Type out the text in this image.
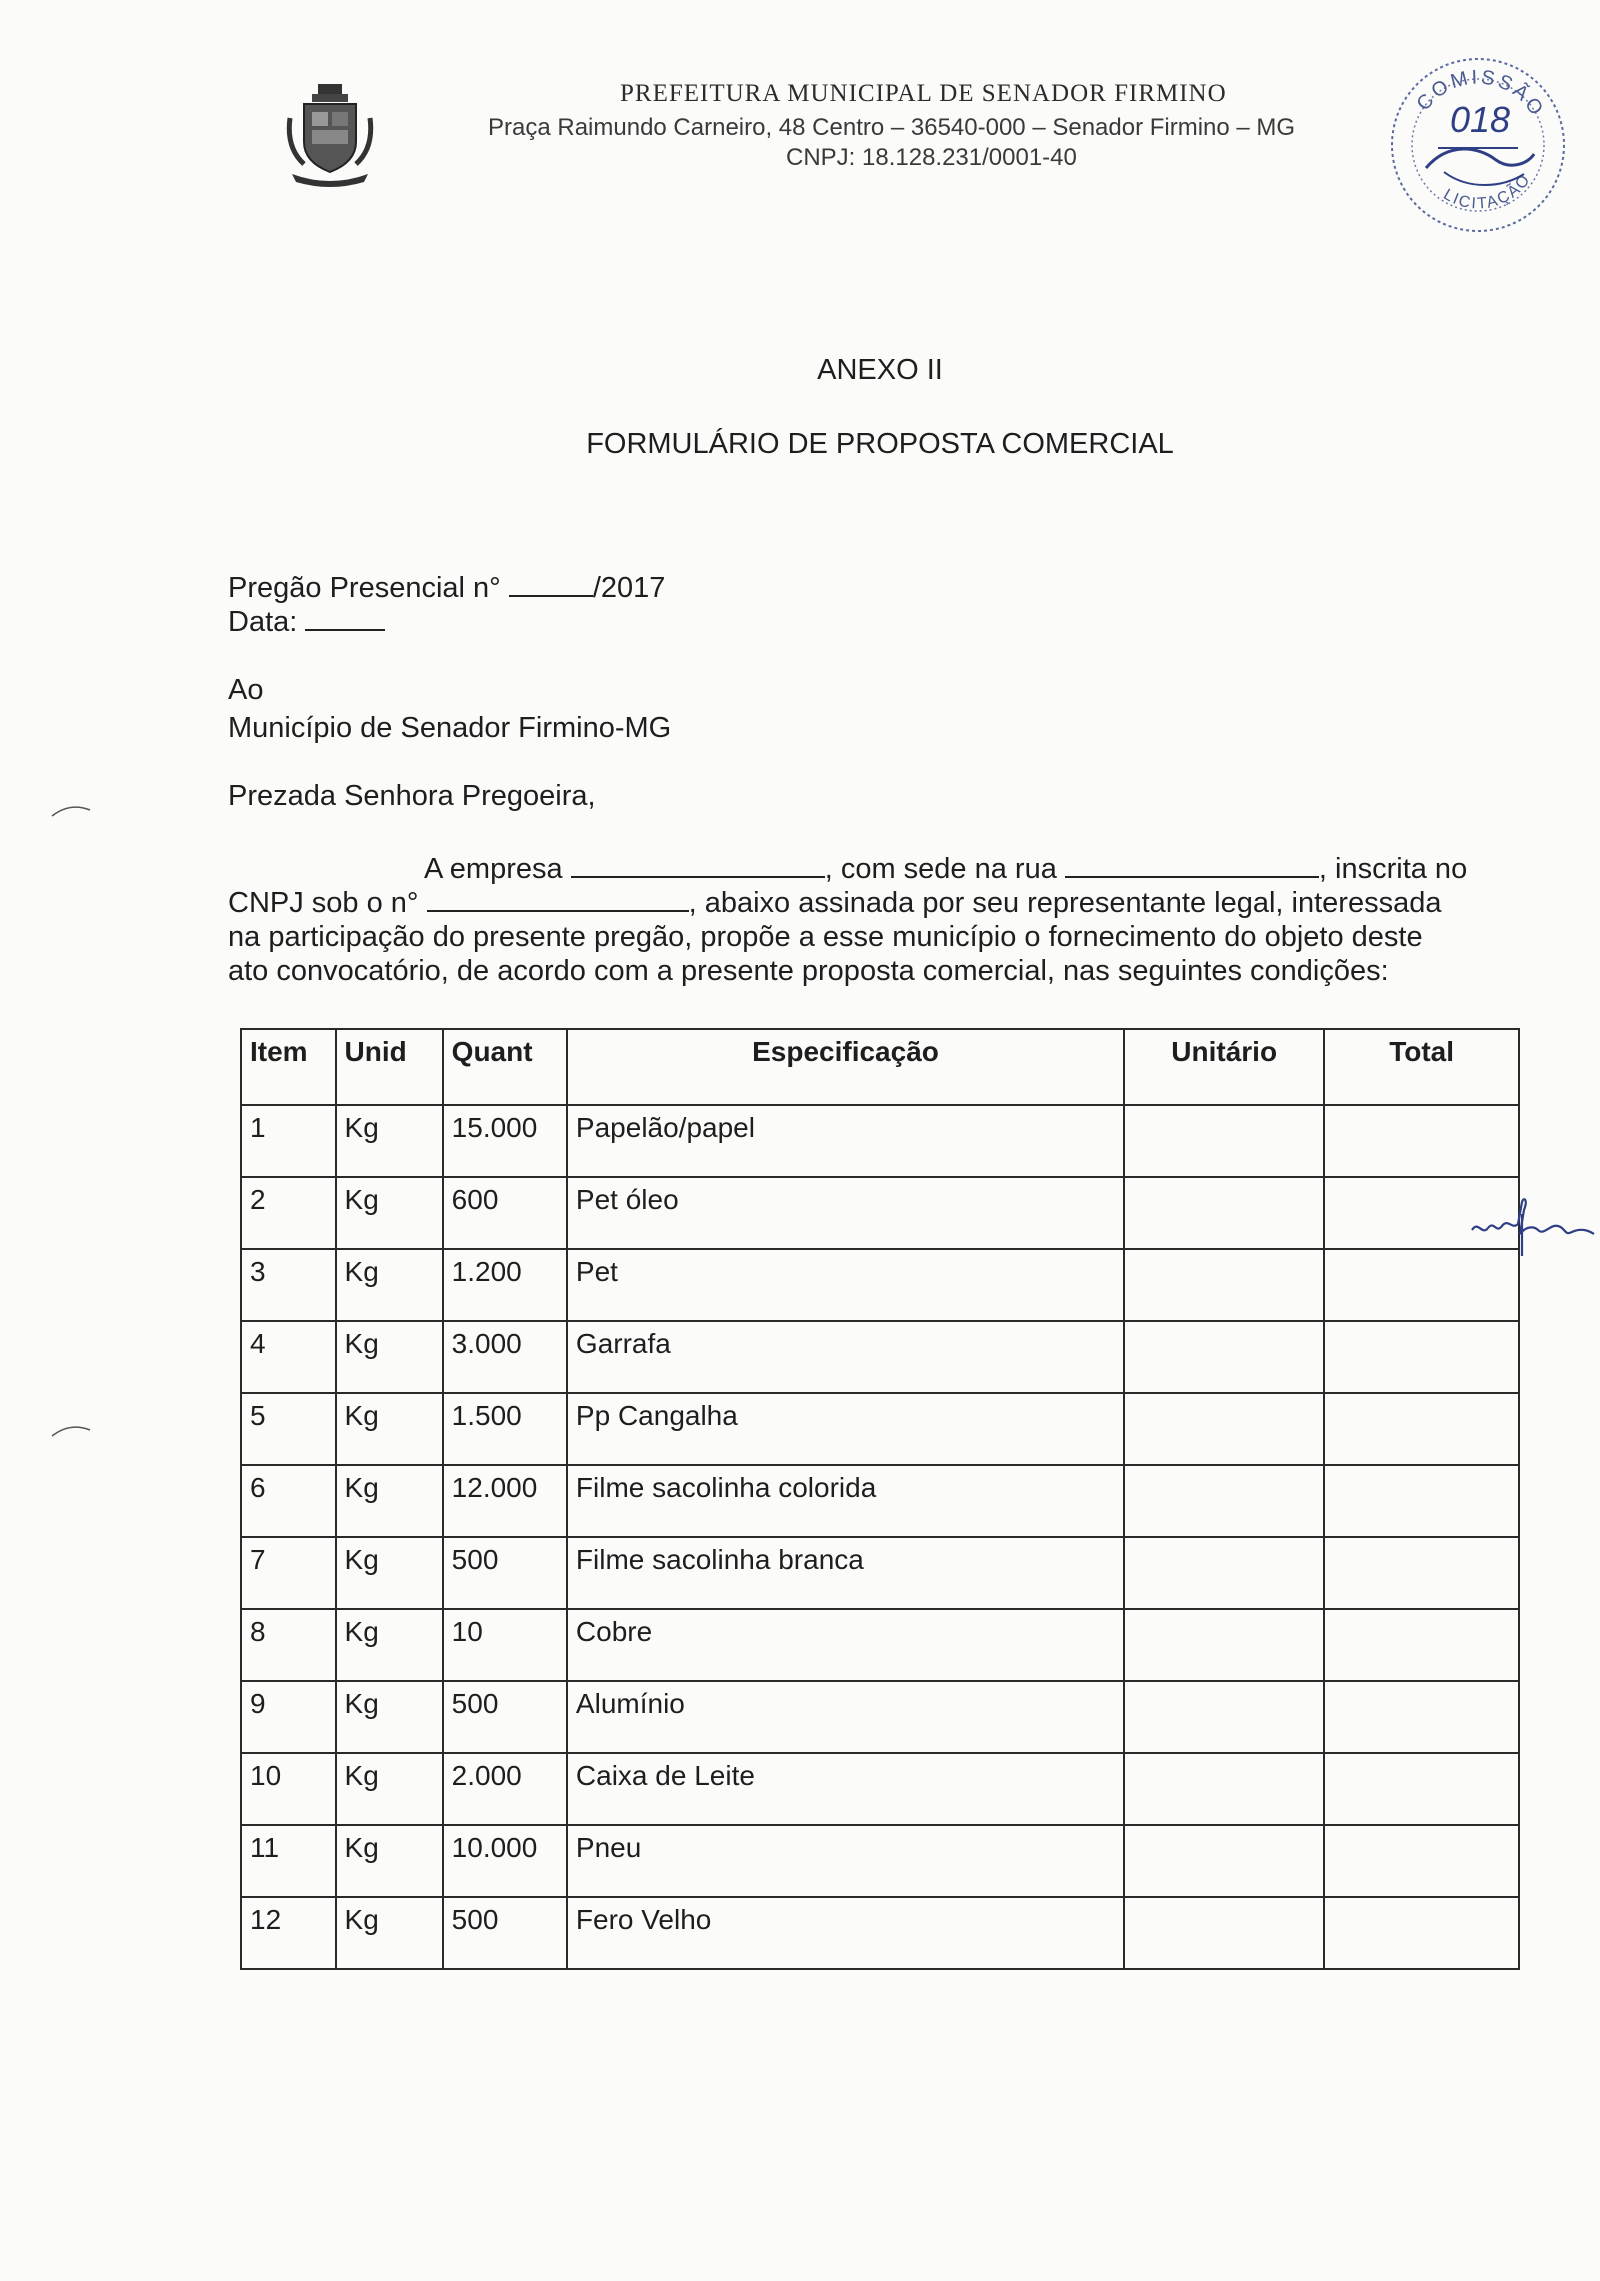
PREFEITURA MUNICIPAL DE SENADOR FIRMINO
Praça Raimundo Carneiro, 48 Centro – 36540-000 – Senador Firmino – MG
CNPJ: 18.128.231/0001-40
COMISSÃO
LICITAÇÃO
018
ANEXO II
FORMULÁRIO DE PROPOSTA COMERCIAL
Pregão Presencial n°	/2017
Data:
Ao
Município de Senador Firmino-MG
Prezada Senhora Pregoeira,
A empresa	, com sede na rua	, inscrita no
CNPJ sob o n°	, abaixo assinada por seu representante legal, interessada
na participação do presente pregão, propõe a esse município o fornecimento do objeto deste
ato convocatório, de acordo com a presente proposta comercial, nas seguintes condições:
Item	Unid	Quant	Especificação	Unitário	Total
1	Kg	15.000	Papelão/papel		
2	Kg	600	Pet óleo		
3	Kg	1.200	Pet		
4	Kg	3.000	Garrafa		
5	Kg	1.500	Pp Cangalha		
6	Kg	12.000	Filme sacolinha colorida		
7	Kg	500	Filme sacolinha branca		
8	Kg	10	Cobre		
9	Kg	500	Alumínio		
10	Kg	2.000	Caixa de Leite		
11	Kg	10.000	Pneu		
12	Kg	500	Fero Velho		
